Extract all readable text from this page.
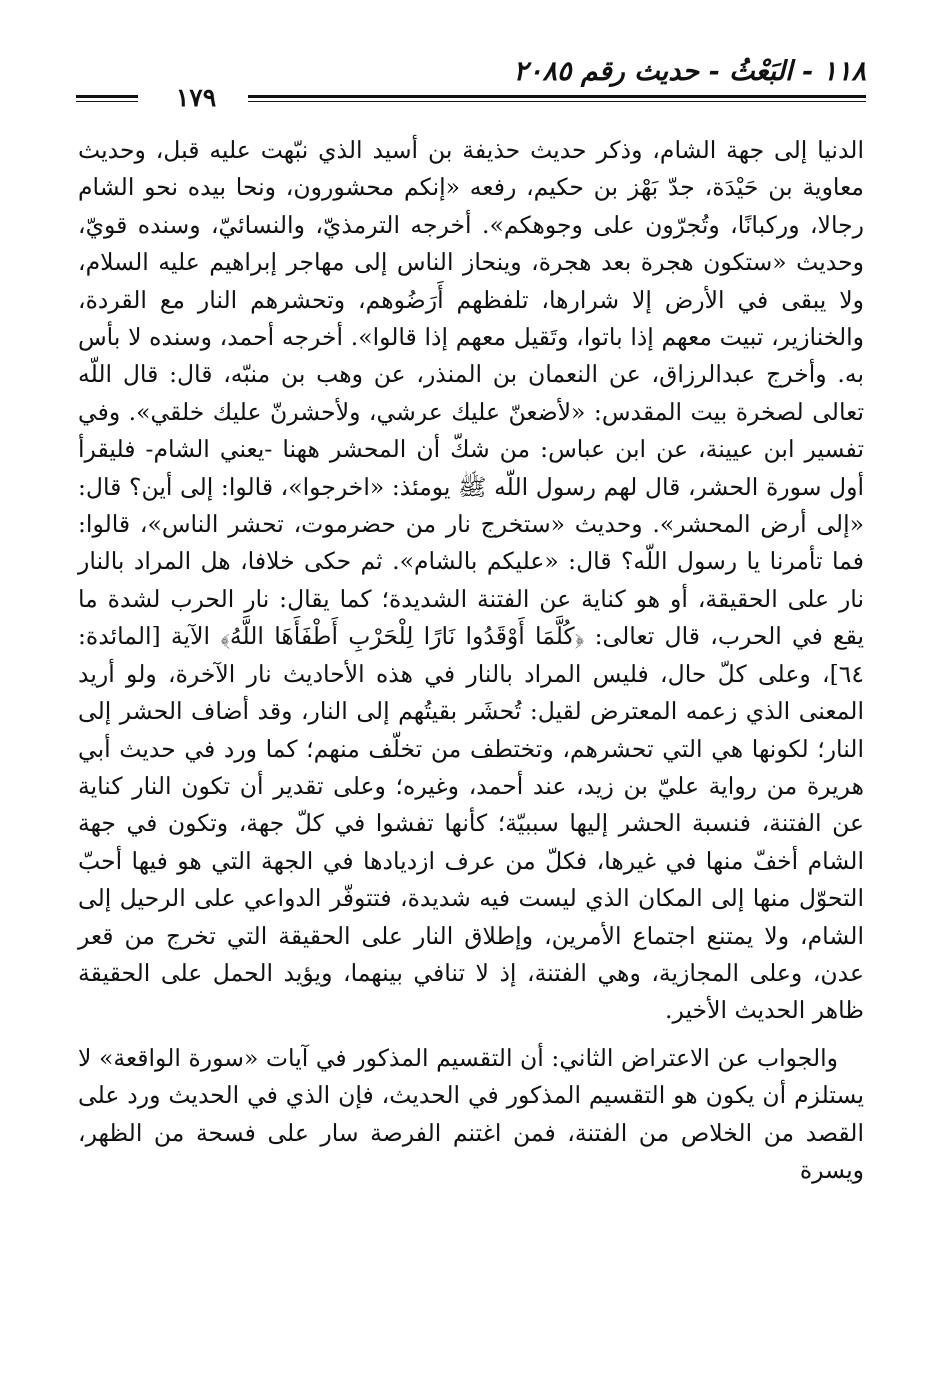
١١٨ - البَعْثُ - حديث رقم ٢٠٨٥
١٧٩

الدنيا إلى جهة الشام، وذكر حديث حذيفة بن أسيد الذي نبّهت عليه قبل، وحديث معاوية بن حَيْدَة، جدّ بَهْز بن حكيم، رفعه «إنكم محشورون، ونحا بيده نحو الشام رجالا، وركبانًا، وتُجرّون على وجوهكم». أخرجه الترمذيّ، والنسائيّ، وسنده قويّ، وحديث «ستكون هجرة بعد هجرة، وينحاز الناس إلى مهاجر إبراهيم عليه السلام، ولا يبقى في الأرض إلا شرارها، تلفظهم أَرَضُوهم، وتحشرهم النار مع القردة، والخنازير، تبيت معهم إذا باتوا، وتَقيل معهم إذا قالوا». أخرجه أحمد، وسنده لا بأس به. وأخرج عبدالرزاق، عن النعمان بن المنذر، عن وهب بن منبّه، قال: قال اللّه تعالى لصخرة بيت المقدس: «لأضعنّ عليك عرشي، ولأحشرنّ عليك خلقي». وفي تفسير ابن عيينة، عن ابن عباس: من شكّ أن المحشر ههنا -يعني الشام- فليقرأ أول سورة الحشر، قال لهم رسول اللّه ﷺ يومئذ: «اخرجوا»، قالوا: إلى أين؟ قال: «إلى أرض المحشر». وحديث «ستخرج نار من حضرموت، تحشر الناس»، قالوا: فما تأمرنا يا رسول اللّه؟ قال: «عليكم بالشام». ثم حكى خلافا، هل المراد بالنار نار على الحقيقة، أو هو كناية عن الفتنة الشديدة؛ كما يقال: نار الحرب لشدة ما يقع في الحرب، قال تعالى: ﴿كُلَّمَا أَوْقَدُوا نَارًا لِلْحَرْبِ أَطْفَأَهَا اللَّهُ﴾ الآية [المائدة: ٦٤]، وعلى كلّ حال، فليس المراد بالنار في هذه الأحاديث نار الآخرة، ولو أريد المعنى الذي زعمه المعترض لقيل: تُحشَر بقيتُهم إلى النار، وقد أضاف الحشر إلى النار؛ لكونها هي التي تحشرهم، وتختطف من تخلّف منهم؛ كما ورد في حديث أبي هريرة من رواية عليّ بن زيد، عند أحمد، وغيره؛ وعلى تقدير أن تكون النار كناية عن الفتنة، فنسبة الحشر إليها سببيّة؛ كأنها تفشوا في كلّ جهة، وتكون في جهة الشام أخفّ منها في غيرها، فكلّ من عرف ازديادها في الجهة التي هو فيها أحبّ التحوّل منها إلى المكان الذي ليست فيه شديدة، فتتوفّر الدواعي على الرحيل إلى الشام، ولا يمتنع اجتماع الأمرين، وإطلاق النار على الحقيقة التي تخرج من قعر عدن، وعلى المجازية، وهي الفتنة، إذ لا تنافي بينهما، ويؤيد الحمل على الحقيقة ظاهر الحديث الأخير.

والجواب عن الاعتراض الثاني: أن التقسيم المذكور في آيات «سورة الواقعة» لا يستلزم أن يكون هو التقسيم المذكور في الحديث، فإن الذي في الحديث ورد على القصد من الخلاص من الفتنة، فمن اغتنم الفرصة سار على فسحة من الظهر، ويسرة
